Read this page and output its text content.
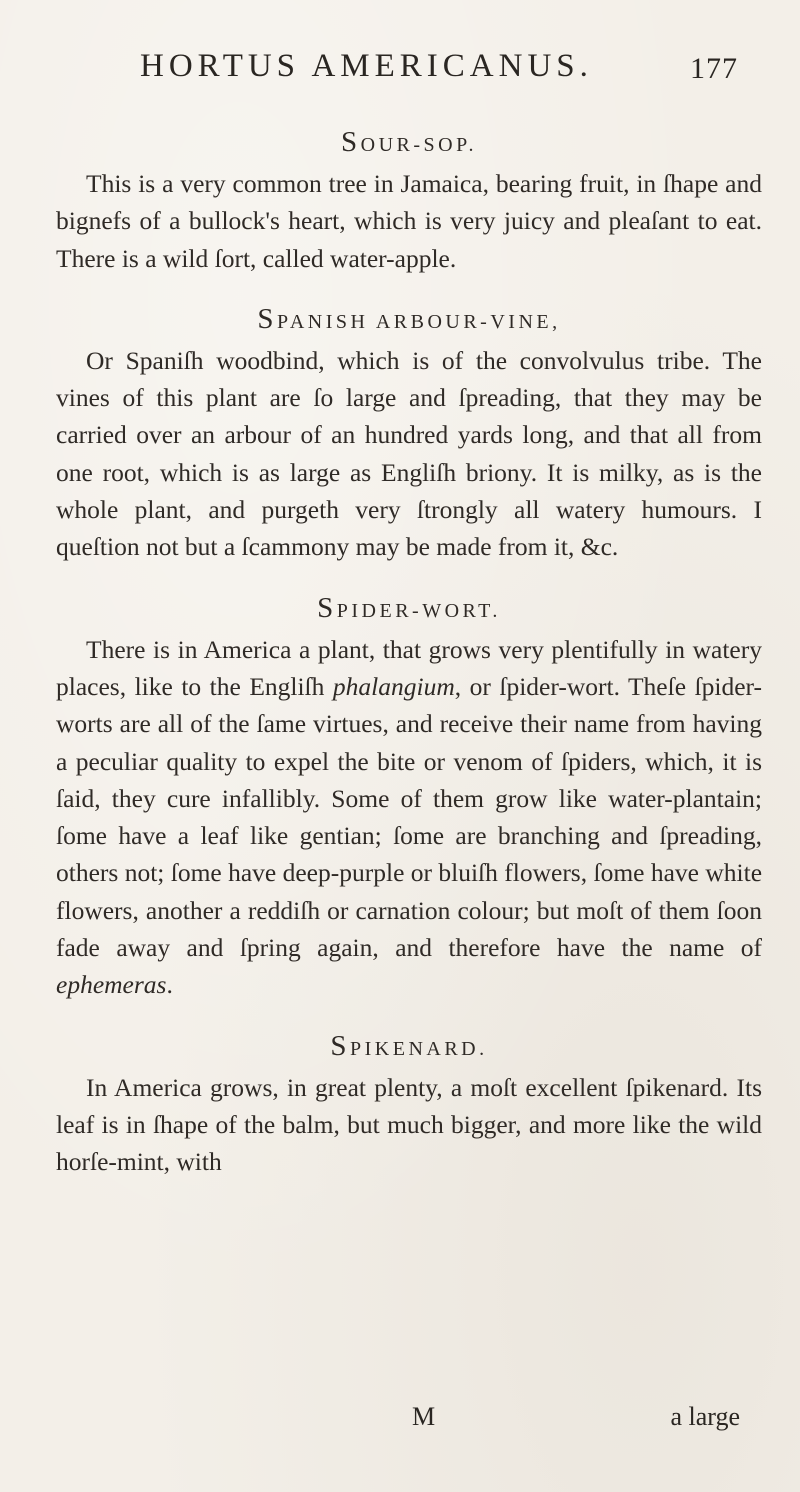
HORTUS AMERICANUS.	177
SOUR-SOP.

This is a very common tree in Jamaica, bearing fruit, in ſhape and bignefs of a bullock's heart, which is very juicy and pleaſant to eat. There is a wild ſort, called water-apple.

SPANISH ARBOUR-VINE,

Or Spaniſh woodbind, which is of the convolvulus tribe. The vines of this plant are ſo large and ſpreading, that they may be carried over an arbour of an hundred yards long, and that all from one root, which is as large as Engliſh briony. It is milky, as is the whole plant, and purgeth very ſtrongly all watery humours. I queſtion not but a ſcammony may be made from it, &c.

SPIDER-WORT.

There is in America a plant, that grows very plentifully in watery places, like to the Engliſh phalangium, or ſpider-wort. Theſe ſpider-worts are all of the ſame virtues, and receive their name from having a peculiar quality to expel the bite or venom of ſpiders, which, it is ſaid, they cure infallibly. Some of them grow like water-plantain; ſome have a leaf like gentian; ſome are branching and ſpreading, others not; ſome have deep-purple or bluiſh flowers, ſome have white flowers, another a reddiſh or carnation colour; but moſt of them ſoon fade away and ſpring again, and therefore have the name of ephemeras.

SPIKENARD.

In America grows, in great plenty, a moſt excellent ſpikenard. Its leaf is in ſhape of the balm, but much bigger, and more like the wild horſe-mint, with

M	a large
